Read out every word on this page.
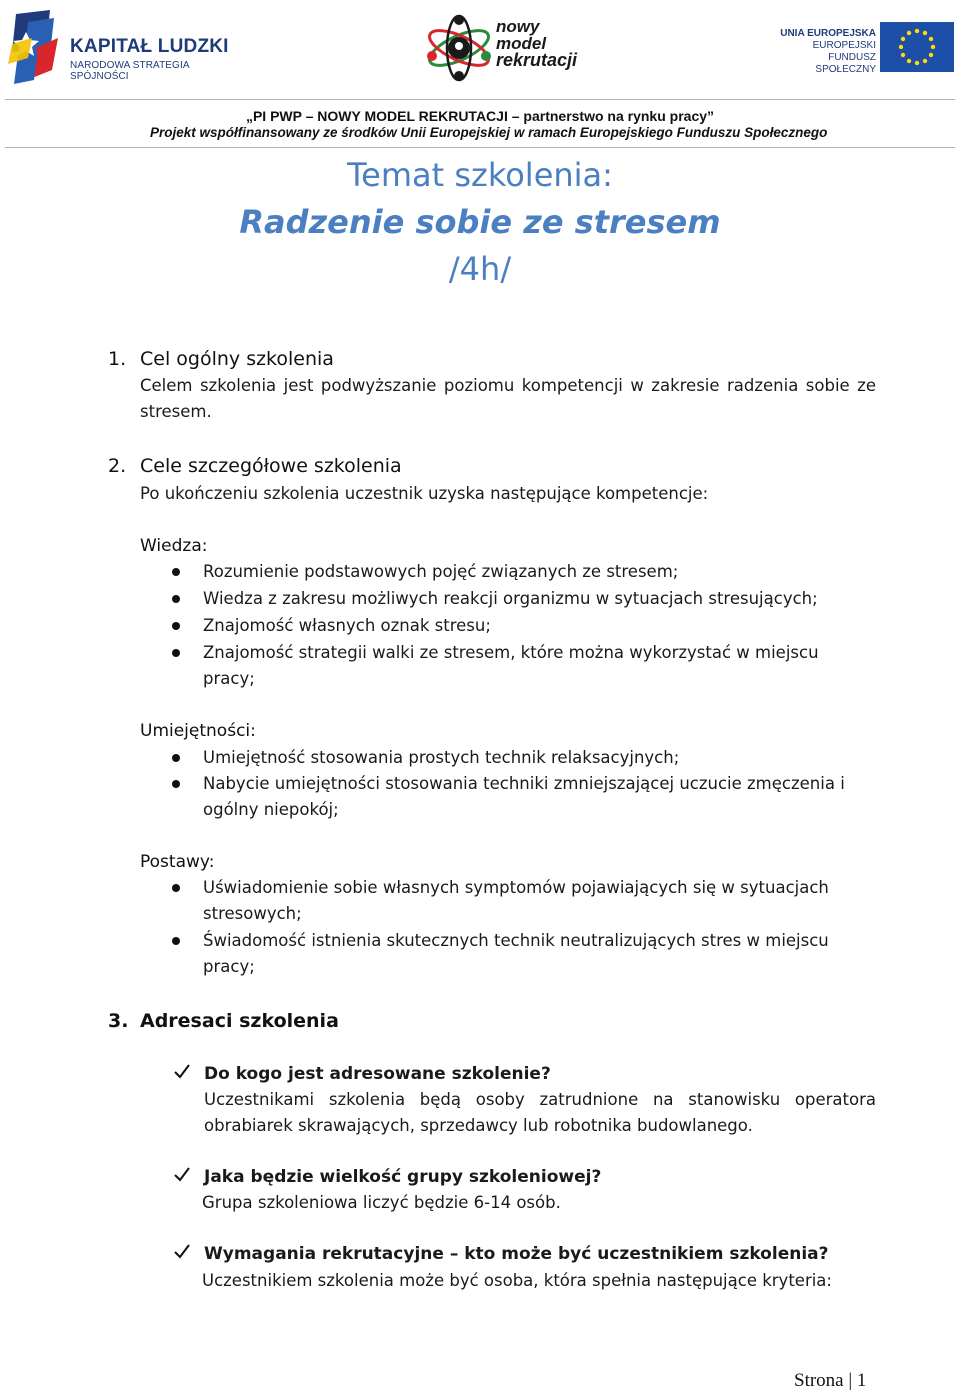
KAPITAŁ LUDZKI
NARODOWA STRATEGIA SPÓJNOŚCI
nowy
model
rekrutacji
UNIA EUROPEJSKA
EUROPEJSKI
FUNDUSZ SPOŁECZNY
„PI PWP – NOWY MODEL REKRUTACJI – partnerstwo na rynku pracy”
Projekt współfinansowany ze środków Unii Europejskiej w ramach Europejskiego Funduszu Społecznego
Temat szkolenia:
Radzenie sobie ze stresem
/4h/
1. Cel ogólny szkolenia
Celem szkolenia jest podwyższanie poziomu kompetencji w zakresie radzenia sobie ze stresem.
2. Cele szczegółowe szkolenia
Po ukończeniu szkolenia uczestnik uzyska następujące kompetencje:
Wiedza:
Rozumienie podstawowych pojęć związanych ze stresem;
Wiedza z zakresu możliwych reakcji organizmu w sytuacjach stresujących;
Znajomość własnych oznak stresu;
Znajomość strategii walki ze stresem, które można wykorzystać w miejscu
pracy;
Umiejętności:
Umiejętność stosowania prostych technik relaksacyjnych;
Nabycie umiejętności stosowania techniki zmniejszającej uczucie zmęczenia i
ogólny niepokój;
Postawy:
Uświadomienie sobie własnych symptomów pojawiających się w sytuacjach
stresowych;
Świadomość istnienia skutecznych technik neutralizujących stres w miejscu
pracy;
3. Adresaci szkolenia
Do kogo jest adresowane szkolenie?
Uczestnikami szkolenia będą osoby zatrudnione na stanowisku operatora obrabiarek skrawających, sprzedawcy lub robotnika budowlanego.
Jaka będzie wielkość grupy szkoleniowej?
Grupa szkoleniowa liczyć będzie 6-14 osób.
Wymagania rekrutacyjne – kto może być uczestnikiem szkolenia?
Uczestnikiem szkolenia może być osoba, która spełnia następujące kryteria:
Strona | 1
